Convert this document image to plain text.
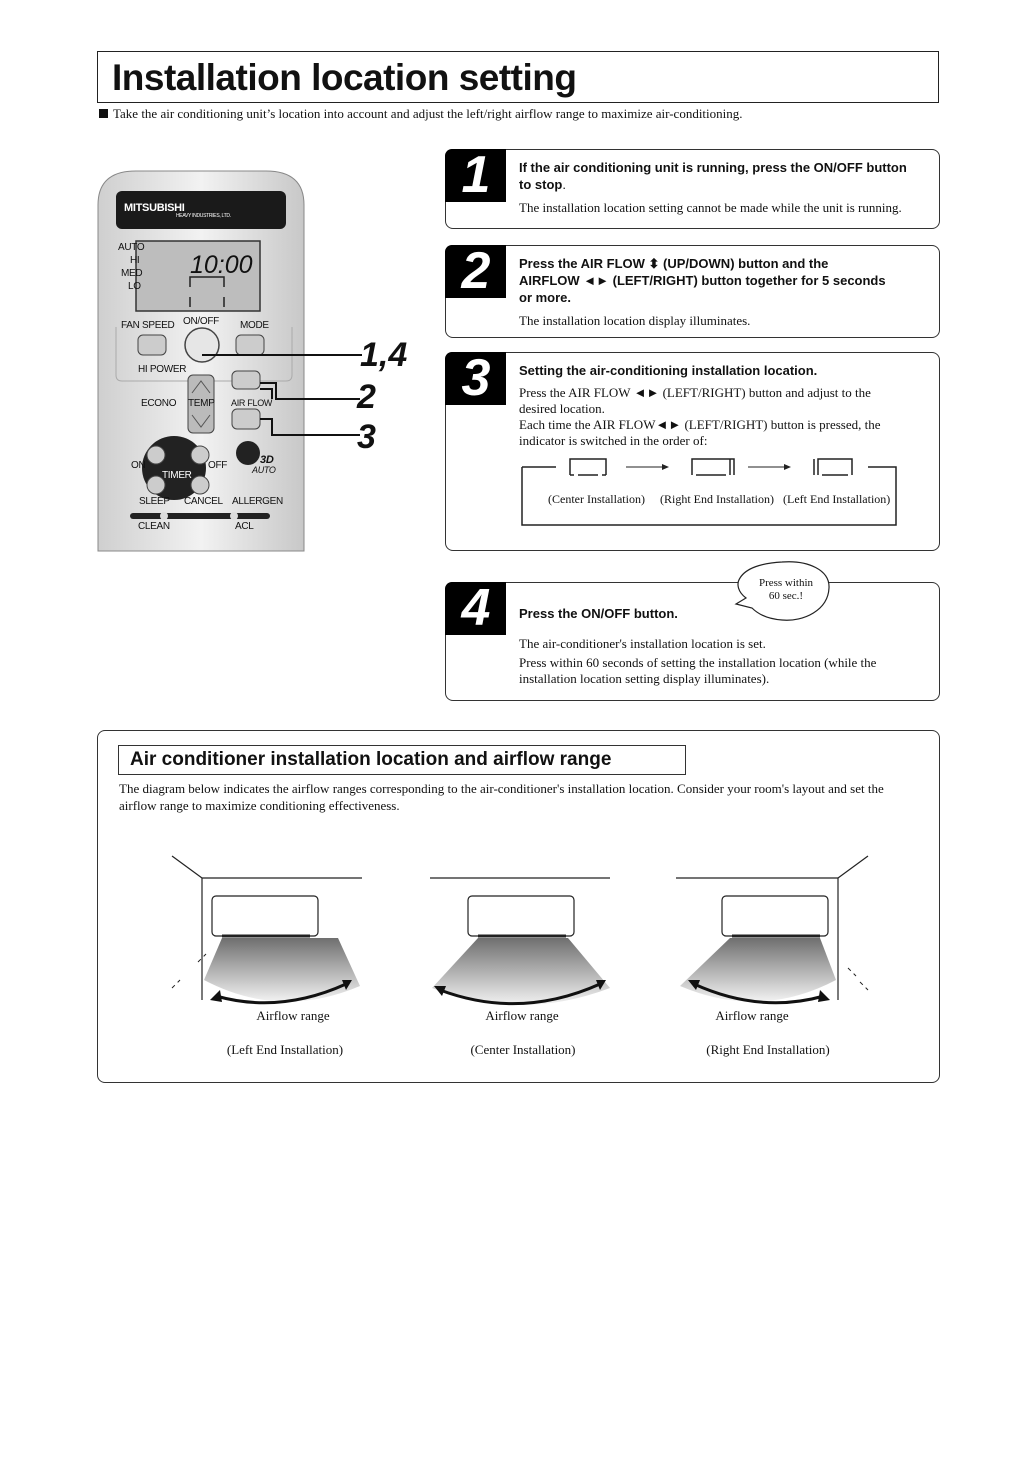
Installation location setting
Take the air conditioning unit’s location into account and adjust the left/right airflow range to maximize air-conditioning.
MITSUBISHI
HEAVY INDUSTRIES, LTD.
10:00
AUTO
HI
MED
LO
FAN SPEED ON/OFF MODE
HI POWER
ECONO TEMP AIR FLOW
ON	OFF
TIMER
3D
AUTO
SLEEP CANCEL ALLERGEN
CLEAN	ACL
1,4
2
3
1	If the air conditioning unit is running, press the ON/OFF button to stop.
The installation location setting cannot be made while the unit is running.
2	Press the AIR FLOW ⬍ (UP/DOWN) button and the
AIRFLOW ◄► (LEFT/RIGHT) button together for 5 seconds
or more.
The installation location display illuminates.
3	Setting the air-conditioning installation location.
Press the AIR FLOW ◄► (LEFT/RIGHT) button and adjust to the
desired location.
Each time the AIR FLOW◄► (LEFT/RIGHT) button is pressed, the
indicator is switched in the order of:
(Center Installation) (Right End Installation) (Left End Installation)
4	Press the ON/OFF button.
The air-conditioner's installation location is set.
Press within 60 seconds of setting the installation location (while the
installation location setting display illuminates).
Press within
60 sec.!
Air conditioner installation location and airflow range
The diagram below indicates the airflow ranges corresponding to the air-conditioner's installation location. Consider your room's layout and set the airflow range to maximize conditioning effectiveness.
Airflow range	Airflow range	Airflow range
(Left End Installation)	(Center Installation)	(Right End Installation)
